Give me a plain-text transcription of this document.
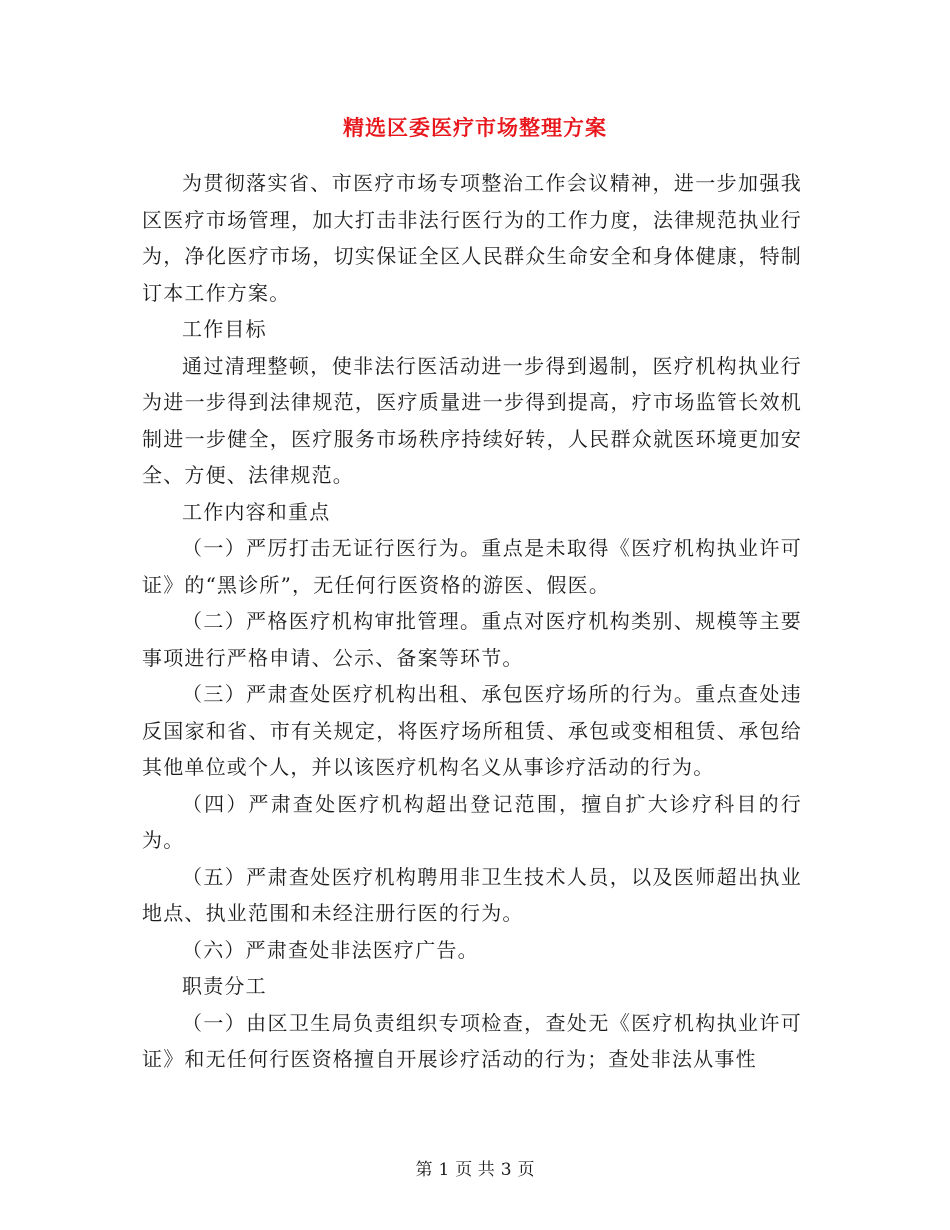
精选区委医疗市场整理方案

为贯彻落实省、市医疗市场专项整治工作会议精神，进一步加强我区医疗市场管理，加大打击非法行医行为的工作力度，法律规范执业行为，净化医疗市场，切实保证全区人民群众生命安全和身体健康，特制订本工作方案。

工作目标

通过清理整顿，使非法行医活动进一步得到遏制，医疗机构执业行为进一步得到法律规范，医疗质量进一步得到提高，疗市场监管长效机制进一步健全，医疗服务市场秩序持续好转，人民群众就医环境更加安全、方便、法律规范。

工作内容和重点

（一）严厉打击无证行医行为。重点是未取得《医疗机构执业许可证》的“黑诊所”，无任何行医资格的游医、假医。

（二）严格医疗机构审批管理。重点对医疗机构类别、规模等主要事项进行严格申请、公示、备案等环节。

（三）严肃查处医疗机构出租、承包医疗场所的行为。重点查处违反国家和省、市有关规定，将医疗场所租赁、承包或变相租赁、承包给其他单位或个人，并以该医疗机构名义从事诊疗活动的行为。

（四）严肃查处医疗机构超出登记范围，擅自扩大诊疗科目的行为。

（五）严肃查处医疗机构聘用非卫生技术人员，以及医师超出执业地点、执业范围和未经注册行医的行为。

（六）严肃查处非法医疗广告。

职责分工

（一）由区卫生局负责组织专项检查，查处无《医疗机构执业许可证》和无任何行医资格擅自开展诊疗活动的行为；查处非法从事性

第 1 页 共 3 页
